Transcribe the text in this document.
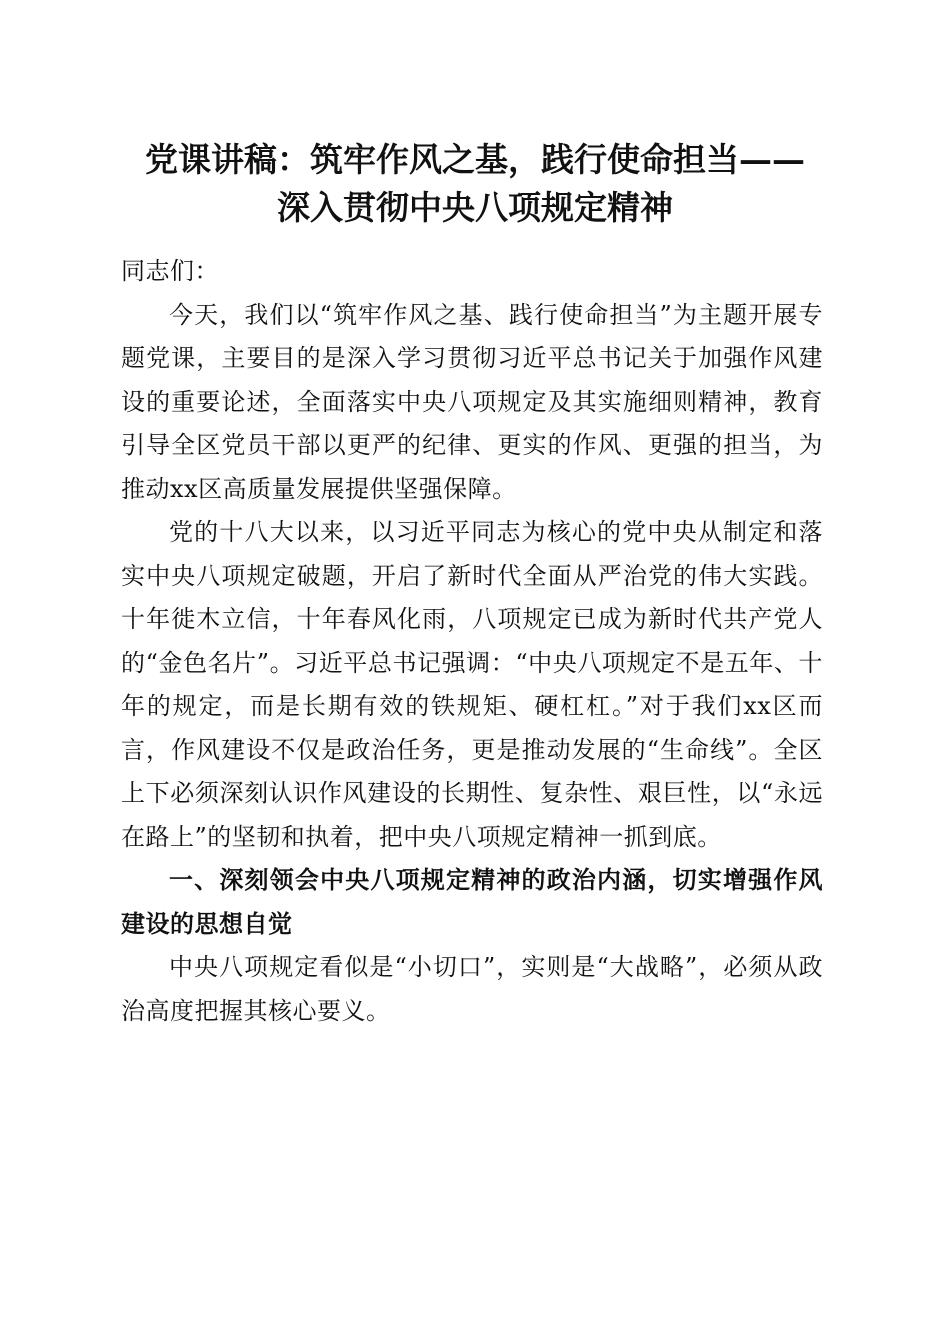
党课讲稿：筑牢作风之基，践行使命担当——
深入贯彻中央八项规定精神

同志们：

今天，我们以“筑牢作风之基、践行使命担当”为主题开展专题党课，主要目的是深入学习贯彻习近平总书记关于加强作风建设的重要论述，全面落实中央八项规定及其实施细则精神，教育引导全区党员干部以更严的纪律、更实的作风、更强的担当，为推动xx区高质量发展提供坚强保障。

党的十八大以来，以习近平同志为核心的党中央从制定和落实中央八项规定破题，开启了新时代全面从严治党的伟大实践。十年徙木立信，十年春风化雨，八项规定已成为新时代共产党人的“金色名片”。习近平总书记强调：“中央八项规定不是五年、十年的规定，而是长期有效的铁规矩、硬杠杠。”对于我们xx区而言，作风建设不仅是政治任务，更是推动发展的“生命线”。全区上下必须深刻认识作风建设的长期性、复杂性、艰巨性，以“永远在路上”的坚韧和执着，把中央八项规定精神一抓到底。

一、深刻领会中央八项规定精神的政治内涵，切实增强作风建设的思想自觉

中央八项规定看似是“小切口”，实则是“大战略”，必须从政治高度把握其核心要义。
